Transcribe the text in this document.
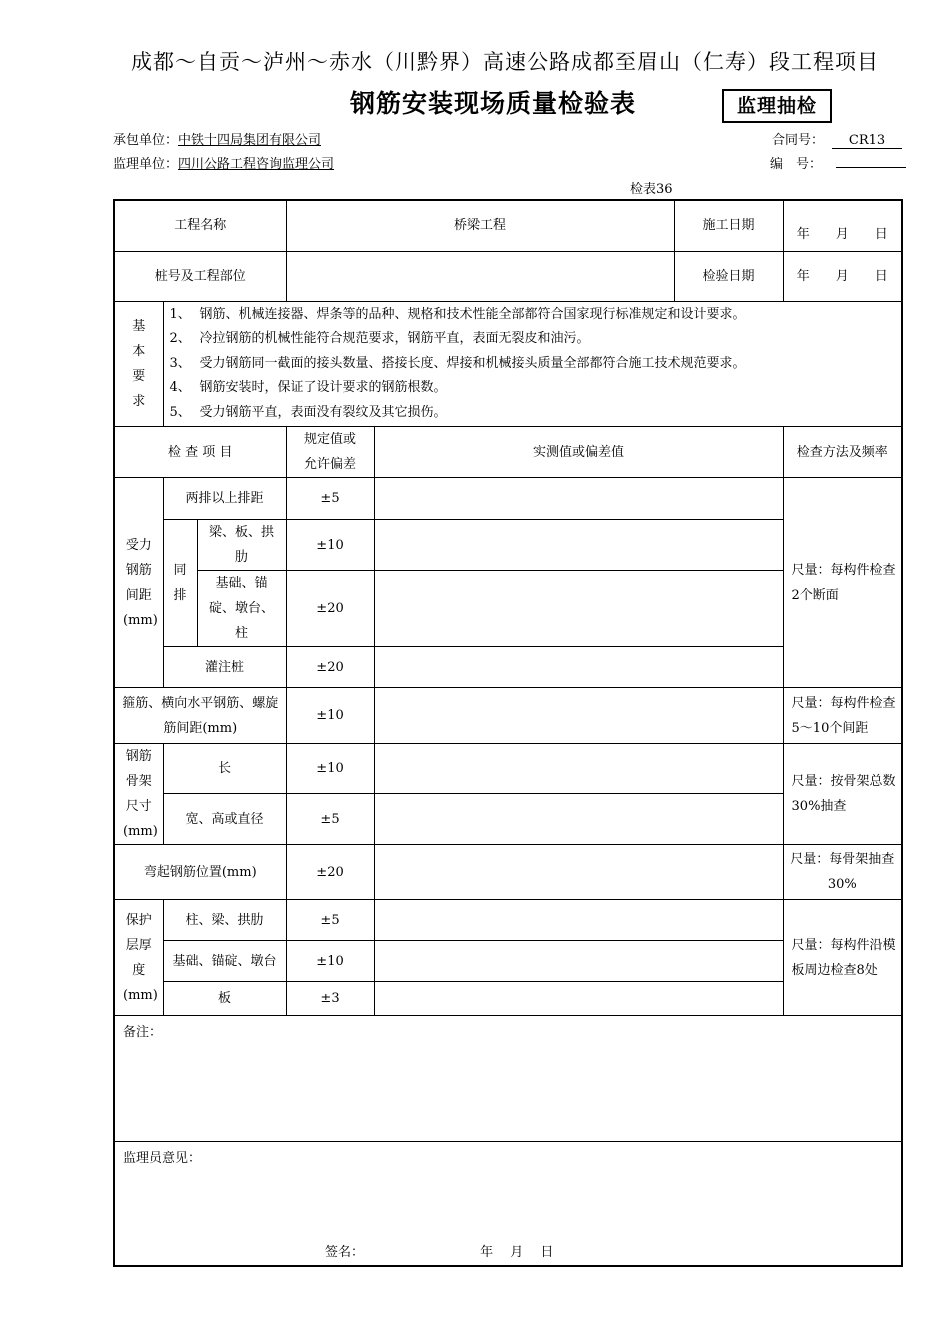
成都～自贡～泸州～赤水（川黔界）高速公路成都至眉山（仁寿）段工程项目
钢筋安装现场质量检验表	监理抽检
承包单位：中铁十四局集团有限公司	合同号： CR13
监理单位：四川公路工程咨询监理公司	编　号：
检表36
工程名称			桥梁工程		施工日期	年　　月　　日
桩号及工程部位					检验日期	年　　月　　日
基本要求	1、 钢筋、机械连接器、焊条等的品种、规格和技术性能全部都符合国家现行标准规定和设计要求。
2、 冷拉钢筋的机械性能符合规范要求，钢筋平直，表面无裂皮和油污。
3、 受力钢筋同一截面的接头数量、搭接长度、焊接和机械接头质量全部都符合施工技术规范要求。
4、 钢筋安装时，保证了设计要求的钢筋根数。
5、 受力钢筋平直，表面没有裂纹及其它损伤。					

检 查 项 目			规定值或允许偏差	实测值或偏差值		检查方法及频率
受力钢筋间距(mm)	两排以上排距		±5			尺量：每构件检查2个断面
	同排	梁、板、拱肋	±10			
		基础、锚碇、墩台、柱	±20			
	灌注桩		±20			
箍筋、横向水平钢筋、螺旋筋间距(mm)			±10			尺量：每构件检查5～10个间距
钢筋骨架尺寸(mm)	长		±10			尺量：按骨架总数30%抽查
	宽、高或直径		±5			
弯起钢筋位置(mm)			±20			尺量：每骨架抽查30%
保护层厚度(mm)	柱、梁、拱肋		±5			尺量：每构件沿模板周边检查8处
	基础、锚碇、墩台		±10			
	板		±3			
备注：						
监理员意见：
签名： 年　 月　 日						
